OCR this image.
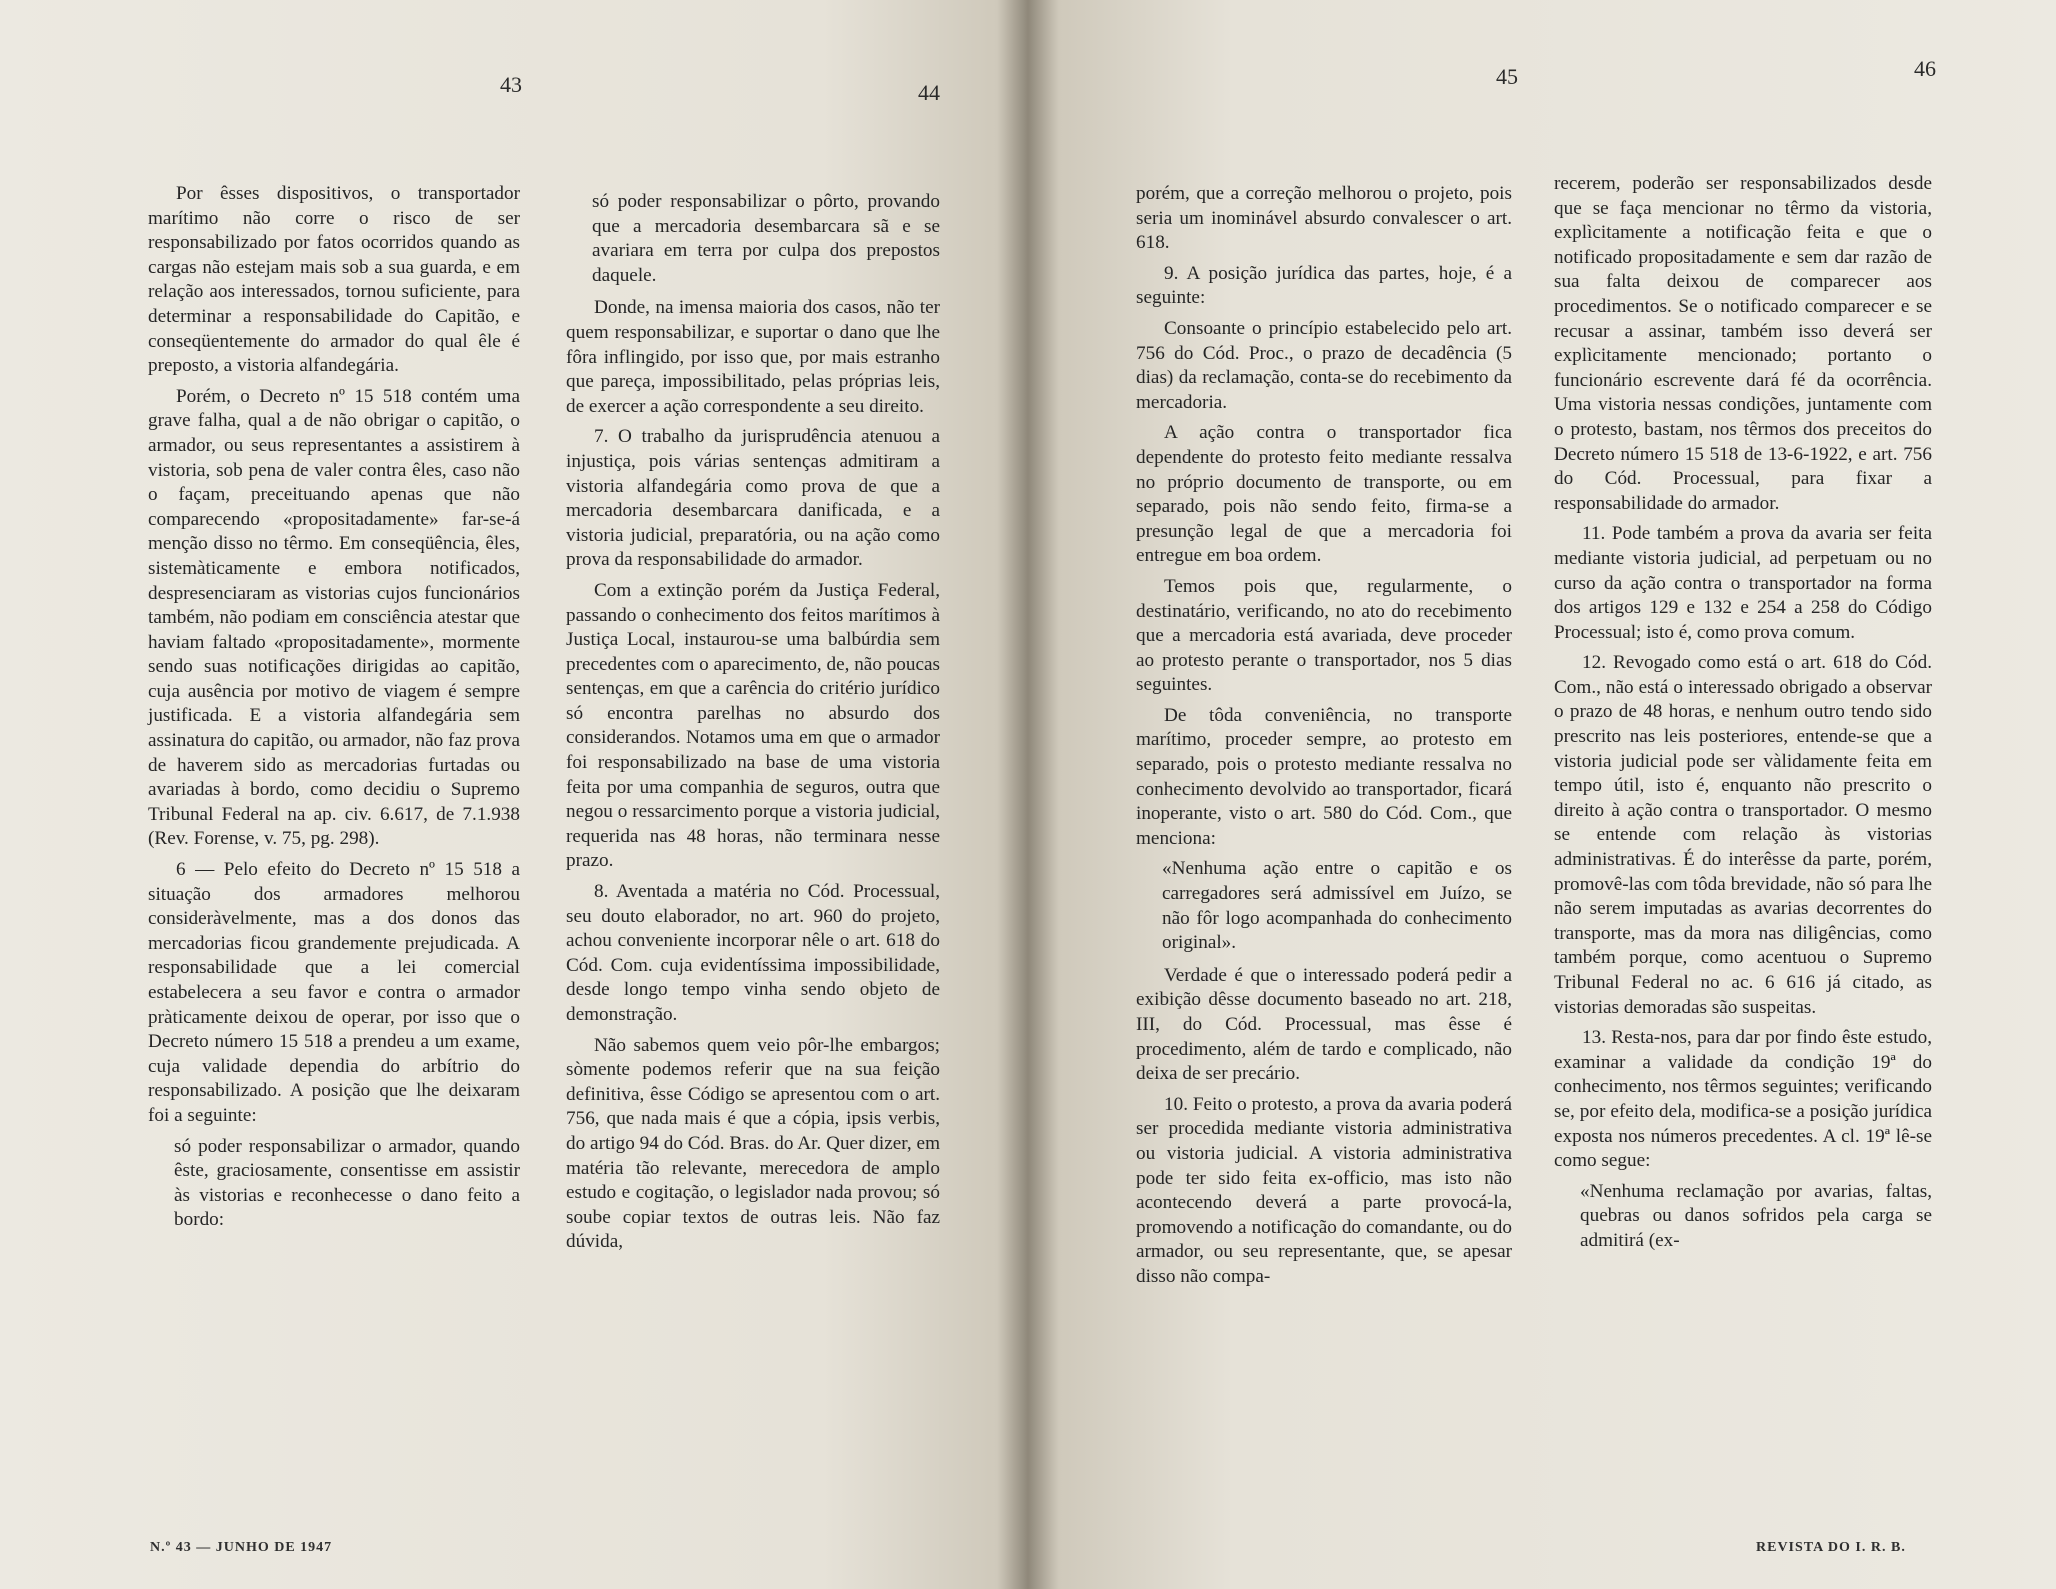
43	44

Por êsses dispositivos, o transportador marítimo não corre o risco de ser responsabilizado por fatos ocorridos quando as cargas não estejam mais sob a sua guarda, e em relação aos interessados, tornou suficiente, para determinar a responsabilidade do Capitão, e conseqüentemente do armador do qual êle é preposto, a vistoria alfandegária.

Porém, o Decreto nº 15 518 contém uma grave falha, qual a de não obrigar o capitão, o armador, ou seus representantes a assistirem à vistoria, sob pena de valer contra êles, caso não o façam, preceituando apenas que não comparecendo «propositadamente» far-se-á menção disso no têrmo. Em conseqüência, êles, sistemàticamente e embora notificados, despresenciaram as vistorias cujos funcionários também, não podiam em consciência atestar que haviam faltado «propositadamente», mormente sendo suas notificações dirigidas ao capitão, cuja ausência por motivo de viagem é sempre justificada. E a vistoria alfandegária sem assinatura do capitão, ou armador, não faz prova de haverem sido as mercadorias furtadas ou avariadas à bordo, como decidiu o Supremo Tribunal Federal na ap. civ. 6.617, de 7.1.938 (Rev. Forense, v. 75, pg. 298).

6 — Pelo efeito do Decreto nº 15 518 a situação dos armadores melhorou consideràvelmente, mas a dos donos das mercadorias ficou grandemente prejudicada. A responsabilidade que a lei comercial estabelecera a seu favor e contra o armador pràticamente deixou de operar, por isso que o Decreto número 15 518 a prendeu a um exame, cuja validade dependia do arbítrio do responsabilizado. A posição que lhe deixaram foi a seguinte:

só poder responsabilizar o armador, quando êste, graciosamente, consentisse em assistir às vistorias e reconhecesse o dano feito a bordo:

só poder responsabilizar o pôrto, provando que a mercadoria desembarcara sã e se avariara em terra por culpa dos prepostos daquele.

Donde, na imensa maioria dos casos, não ter quem responsabilizar, e suportar o dano que lhe fôra inflingido, por isso que, por mais estranho que pareça, impossibilitado, pelas próprias leis, de exercer a ação correspondente a seu direito.

7. O trabalho da jurisprudência atenuou a injustiça, pois várias sentenças admitiram a vistoria alfandegária como prova de que a mercadoria desembarcara danificada, e a vistoria judicial, preparatória, ou na ação como prova da responsabilidade do armador.

Com a extinção porém da Justiça Federal, passando o conhecimento dos feitos marítimos à Justiça Local, instaurou-se uma balbúrdia sem precedentes com o aparecimento, de, não poucas sentenças, em que a carência do critério jurídico só encontra parelhas no absurdo dos considerandos. Notamos uma em que o armador foi responsabilizado na base de uma vistoria feita por uma companhia de seguros, outra que negou o ressarcimento porque a vistoria judicial, requerida nas 48 horas, não terminara nesse prazo.

8. Aventada a matéria no Cód. Processual, seu douto elaborador, no art. 960 do projeto, achou conveniente incorporar nêle o art. 618 do Cód. Com. cuja evidentíssima impossibilidade, desde longo tempo vinha sendo objeto de demonstração.

Não sabemos quem veio pôr-lhe embargos; sòmente podemos referir que na sua feição definitiva, êsse Código se apresentou com o art. 756, que nada mais é que a cópia, ipsis verbis, do artigo 94 do Cód. Bras. do Ar. Quer dizer, em matéria tão relevante, merecedora de amplo estudo e cogitação, o legislador nada provou; só soube copiar textos de outras leis. Não faz dúvida,

N.º 43 — JUNHO DE 1947
45	46

porém, que a correção melhorou o projeto, pois seria um inominável absurdo convalescer o art. 618.

9. A posição jurídica das partes, hoje, é a seguinte:

Consoante o princípio estabelecido pelo art. 756 do Cód. Proc., o prazo de decadência (5 dias) da reclamação, conta-se do recebimento da mercadoria.

A ação contra o transportador fica dependente do protesto feito mediante ressalva no próprio documento de transporte, ou em separado, pois não sendo feito, firma-se a presunção legal de que a mercadoria foi entregue em boa ordem.

Temos pois que, regularmente, o destinatário, verificando, no ato do recebimento que a mercadoria está avariada, deve proceder ao protesto perante o transportador, nos 5 dias seguintes.

De tôda conveniência, no transporte marítimo, proceder sempre, ao protesto em separado, pois o protesto mediante ressalva no conhecimento devolvido ao transportador, ficará inoperante, visto o art. 580 do Cód. Com., que menciona:

«Nenhuma ação entre o capitão e os carregadores será admissível em Juízo, se não fôr logo acompanhada do conhecimento original».

Verdade é que o interessado poderá pedir a exibição dêsse documento baseado no art. 218, III, do Cód. Processual, mas êsse é procedimento, além de tardo e complicado, não deixa de ser precário.

10. Feito o protesto, a prova da avaria poderá ser procedida mediante vistoria administrativa ou vistoria judicial. A vistoria administrativa pode ter sido feita ex-officio, mas isto não acontecendo deverá a parte provocá-la, promovendo a notificação do comandante, ou do armador, ou seu representante, que, se apesar disso não compa-

recerem, poderão ser responsabilizados desde que se faça mencionar no têrmo da vistoria, explìcitamente a notificação feita e que o notificado propositadamente e sem dar razão de sua falta deixou de comparecer aos procedimentos. Se o notificado comparecer e se recusar a assinar, também isso deverá ser explìcitamente mencionado; portanto o funcionário escrevente dará fé da ocorrência. Uma vistoria nessas condições, juntamente com o protesto, bastam, nos têrmos dos preceitos do Decreto número 15 518 de 13-6-1922, e art. 756 do Cód. Processual, para fixar a responsabilidade do armador.

11. Pode também a prova da avaria ser feita mediante vistoria judicial, ad perpetuam ou no curso da ação contra o transportador na forma dos artigos 129 e 132 e 254 a 258 do Código Processual; isto é, como prova comum.

12. Revogado como está o art. 618 do Cód. Com., não está o interessado obrigado a observar o prazo de 48 horas, e nenhum outro tendo sido prescrito nas leis posteriores, entende-se que a vistoria judicial pode ser vàlidamente feita em tempo útil, isto é, enquanto não prescrito o direito à ação contra o transportador. O mesmo se entende com relação às vistorias administrativas. É do interêsse da parte, porém, promovê-las com tôda brevidade, não só para lhe não serem imputadas as avarias decorrentes do transporte, mas da mora nas diligências, como também porque, como acentuou o Supremo Tribunal Federal no ac. 6 616 já citado, as vistorias demoradas são suspeitas.

13. Resta-nos, para dar por findo êste estudo, examinar a validade da condição 19ª do conhecimento, nos têrmos seguintes; verificando se, por efeito dela, modifica-se a posição jurídica exposta nos números precedentes. A cl. 19ª lê-se como segue:

«Nenhuma reclamação por avarias, faltas, quebras ou danos sofridos pela carga se admitirá (ex-

REVISTA DO I. R. B.
